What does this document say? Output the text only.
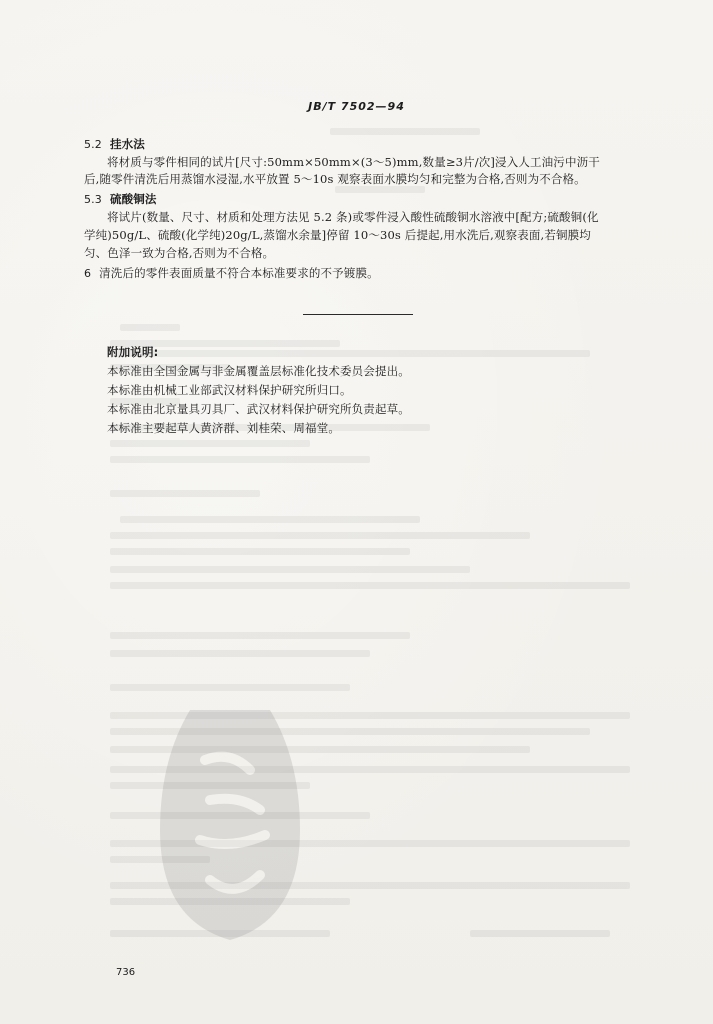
JB/T 7502—94
5.2 挂水法
将材质与零件相同的试片[尺寸:50mm×50mm×(3～5)mm,数量≥3片/次]浸入人工油污中沥干
后,随零件清洗后用蒸馏水浸湿,水平放置 5～10s 观察表面水膜均匀和完整为合格,否则为不合格。
5.3 硫酸铜法
将试片(数量、尺寸、材质和处理方法见 5.2 条)或零件浸入酸性硫酸铜水溶液中[配方;硫酸铜(化
学纯)50g/L、硫酸(化学纯)20g/L,蒸馏水余量]停留 10～30s 后提起,用水洗后,观察表面,若铜膜均
匀、色泽一致为合格,否则为不合格。
6 清洗后的零件表面质量不符合本标准要求的不予镀膜。
附加说明:
本标准由全国金属与非金属覆盖层标准化技术委员会提出。
本标准由机械工业部武汉材料保护研究所归口。
本标准由北京量具刃具厂、武汉材料保护研究所负责起草。
本标准主要起草人黄济群、刘桂荣、周福堂。
736
